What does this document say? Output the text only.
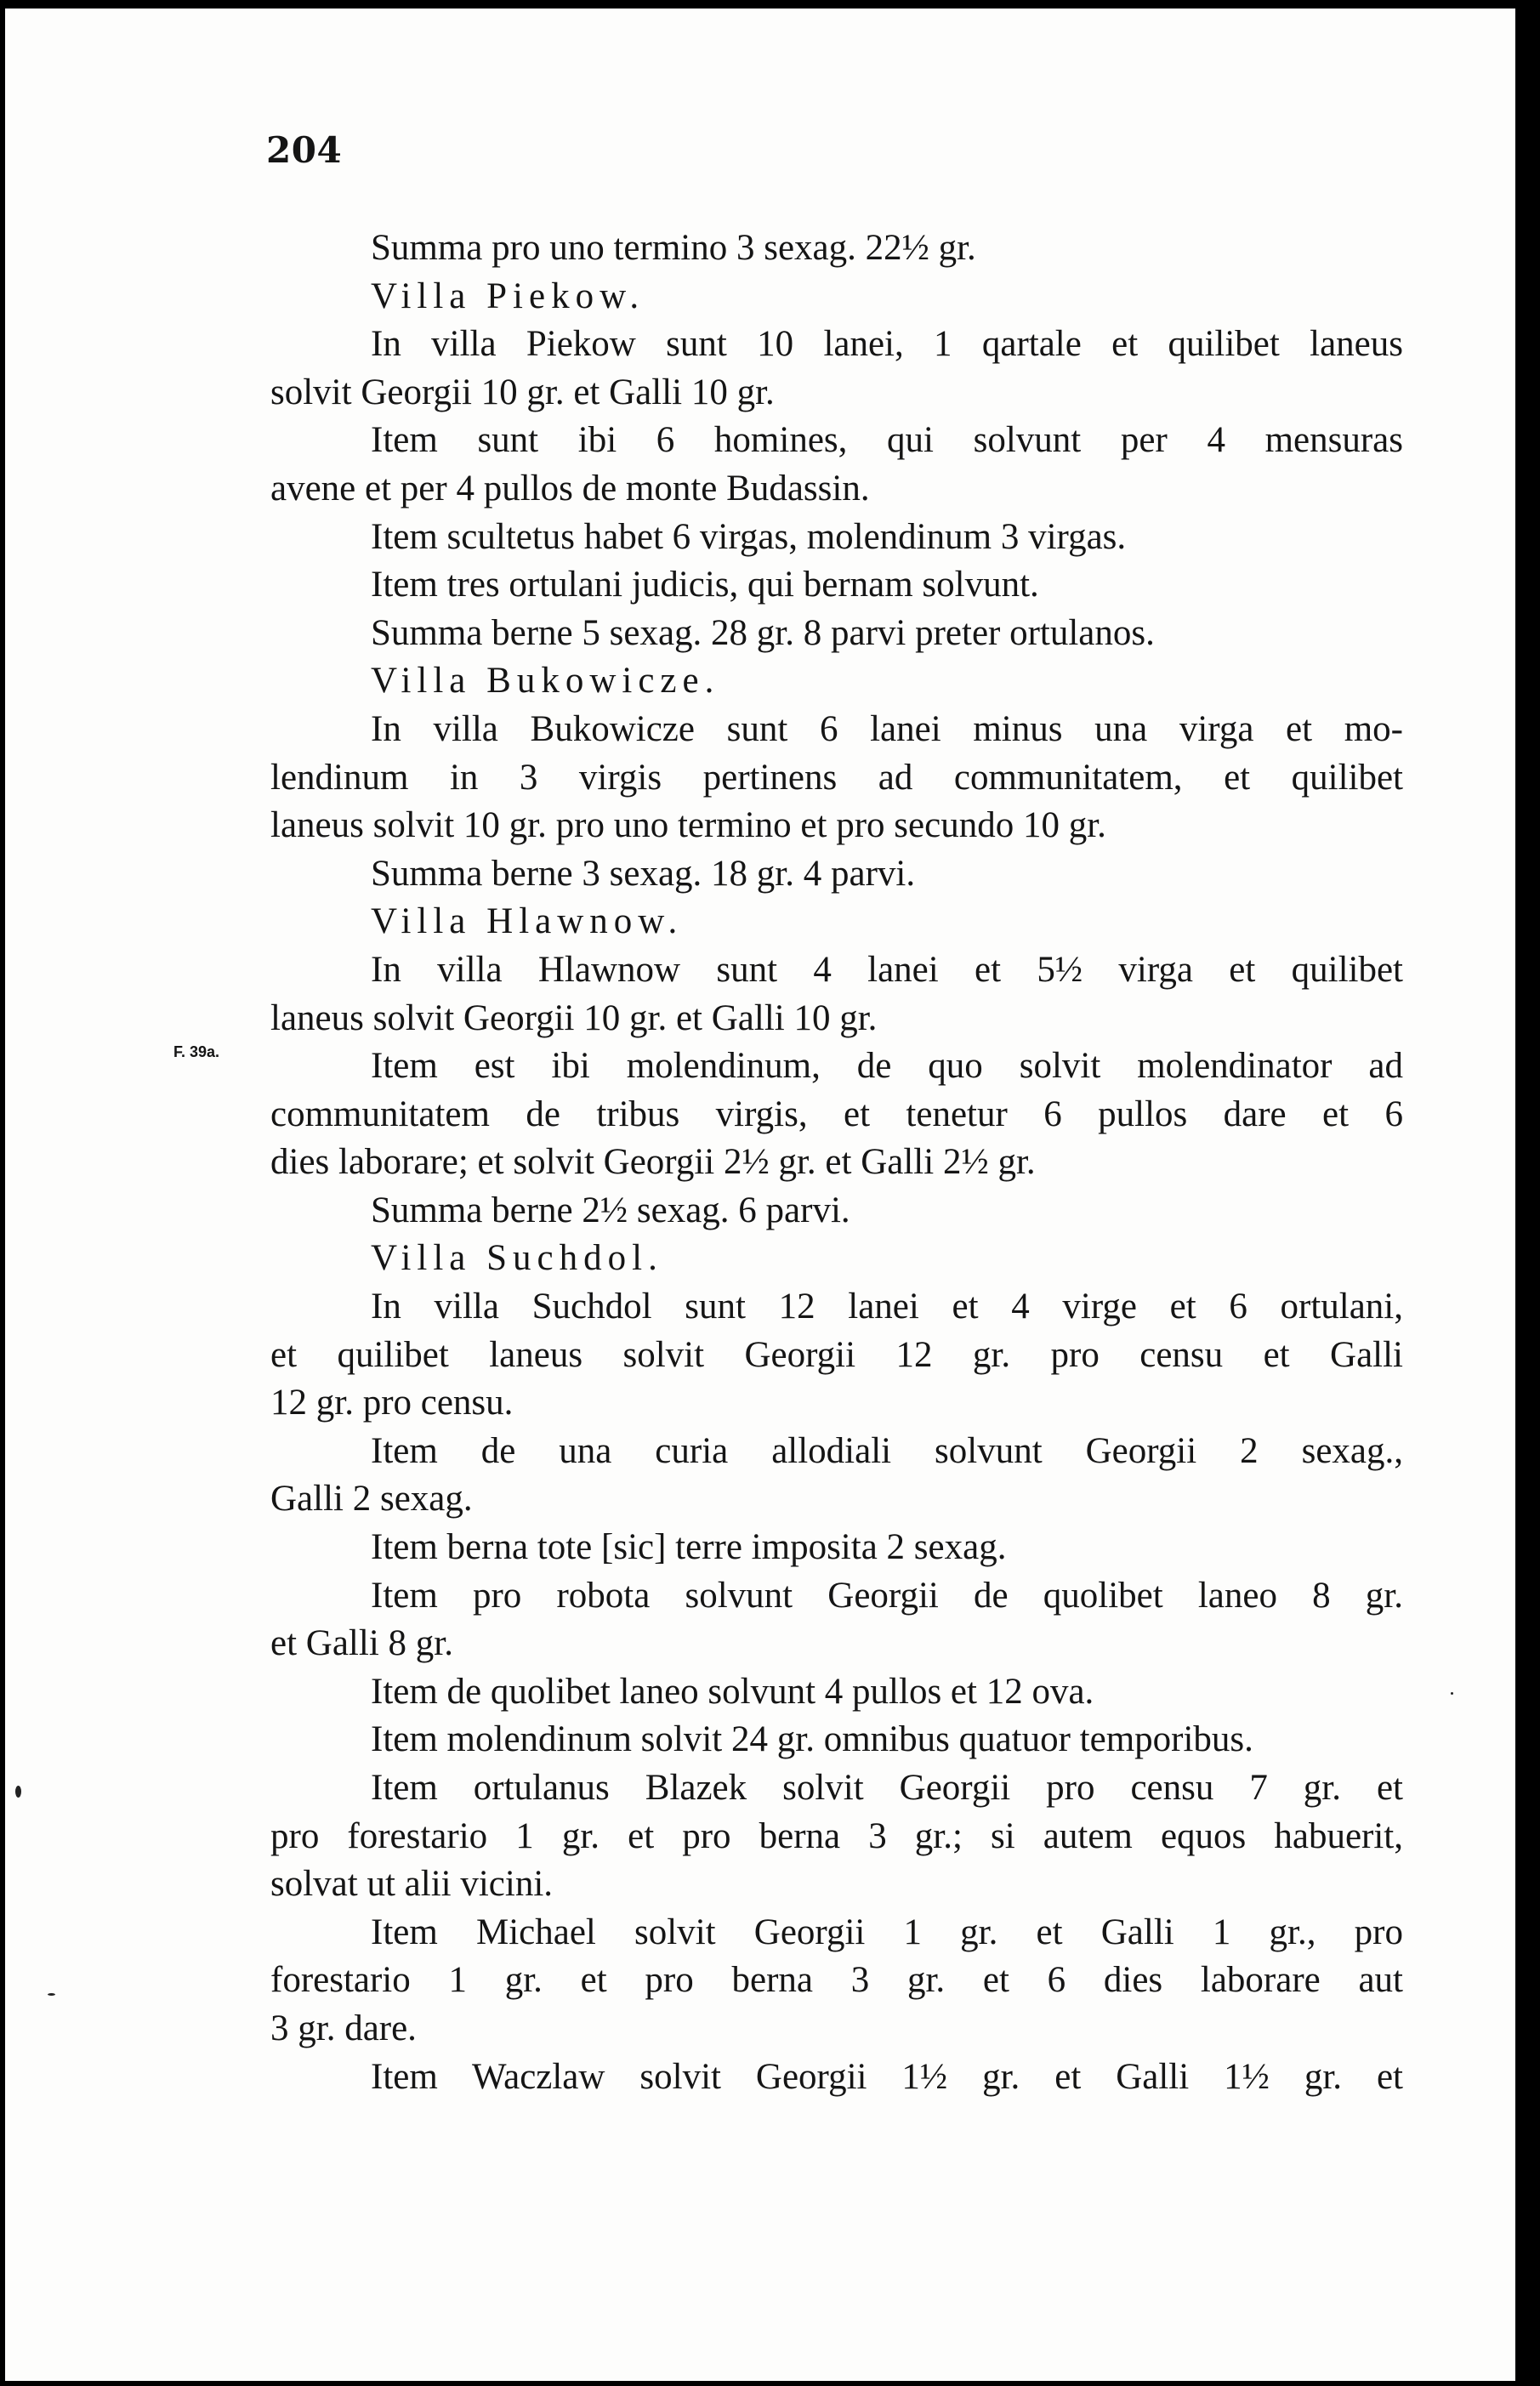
204
F. 39a.
Summa pro uno termino 3 sexag. 22½ gr.
Villa Piekow.
In villa Piekow sunt 10 lanei, 1 qartale et quilibet laneus
solvit Georgii 10 gr. et Galli 10 gr.
Item sunt ibi 6 homines, qui solvunt per 4 mensuras
avene et per 4 pullos de monte Budassin.
Item scultetus habet 6 virgas, molendinum 3 virgas.
Item tres ortulani judicis, qui bernam solvunt.
Summa berne 5 sexag. 28 gr. 8 parvi preter ortulanos.
Villa Bukowicze.
In villa Bukowicze sunt 6 lanei minus una virga et mo-
lendinum in 3 virgis pertinens ad communitatem, et quilibet
laneus solvit 10 gr. pro uno termino et pro secundo 10 gr.
Summa berne 3 sexag. 18 gr. 4 parvi.
Villa Hlawnow.
In villa Hlawnow sunt 4 lanei et 5½ virga et quilibet
laneus solvit Georgii 10 gr. et Galli 10 gr.
Item est ibi molendinum, de quo solvit molendinator ad
communitatem de tribus virgis, et tenetur 6 pullos dare et 6
dies laborare; et solvit Georgii 2½ gr. et Galli 2½ gr.
Summa berne 2½ sexag. 6 parvi.
Villa Suchdol.
In villa Suchdol sunt 12 lanei et 4 virge et 6 ortulani,
et quilibet laneus solvit Georgii 12 gr. pro censu et Galli
12 gr. pro censu.
Item de una curia allodiali solvunt Georgii 2 sexag.,
Galli 2 sexag.
Item berna tote [sic] terre imposita 2 sexag.
Item pro robota solvunt Georgii de quolibet laneo 8 gr.
et Galli 8 gr.
Item de quolibet laneo solvunt 4 pullos et 12 ova.
Item molendinum solvit 24 gr. omnibus quatuor temporibus.
Item ortulanus Blazek solvit Georgii pro censu 7 gr. et
pro forestario 1 gr. et pro berna 3 gr.; si autem equos habuerit,
solvat ut alii vicini.
Item Michael solvit Georgii 1 gr. et Galli 1 gr., pro
forestario 1 gr. et pro berna 3 gr. et 6 dies laborare aut
3 gr. dare.
Item Waczlaw solvit Georgii 1½ gr. et Galli 1½ gr. et
